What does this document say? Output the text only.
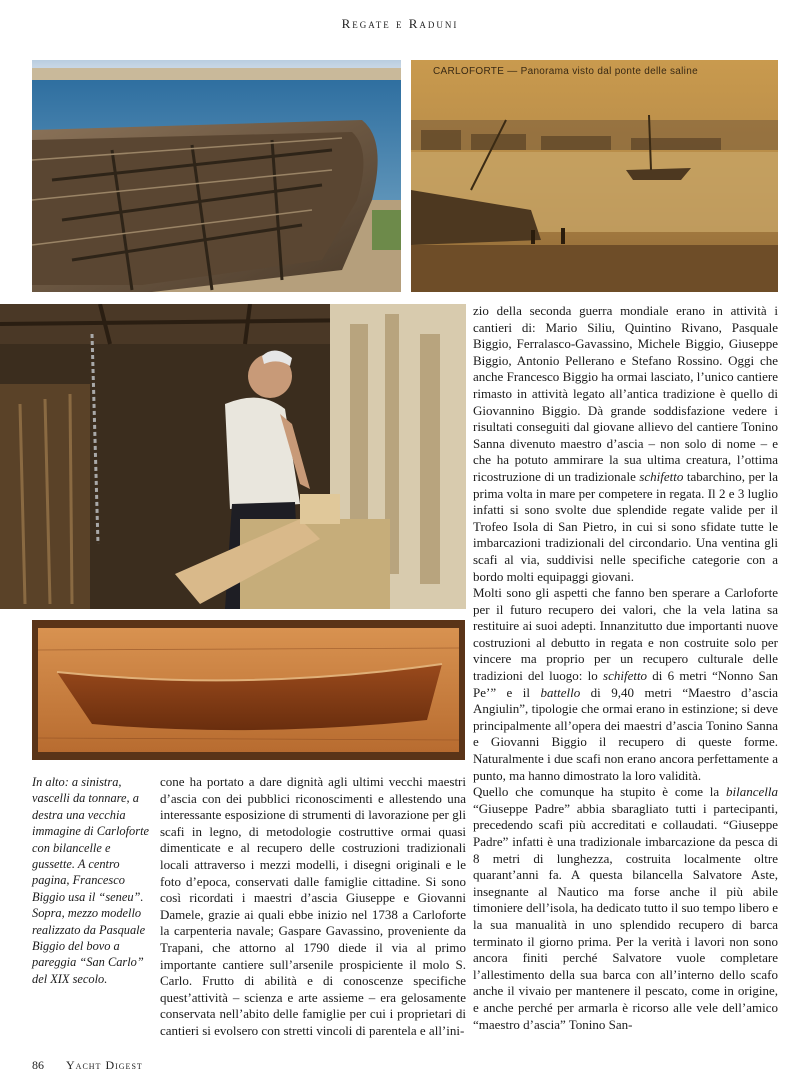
Regate e Raduni
CARLOFORTE — Panorama visto dal ponte delle saline

In alto: a sinistra, vascelli da tonnare, a destra una vecchia immagine di Carloforte con bilancelle e gussette. A centro pagina, Francesco Biggio usa il “seneu”. Sopra, mezzo modello realizzato da Pasquale Biggio del bovo a pareggia “San Carlo” del XIX secolo.

cone ha portato a dare dignità agli ultimi vecchi maestri d’ascia con dei pubblici riconoscimenti e allestendo una interessante esposizione di strumenti di lavorazione per gli scafi in legno, di metodologie costruttive ormai quasi dimenticate e al recupero delle costruzioni tradizionali locali attraverso i mezzi modelli, i disegni originali e le foto d’epoca, conservati dalle famiglie cittadine. Si sono così ricordati i maestri d’ascia Giuseppe e Giovanni Damele, grazie ai quali ebbe inizio nel 1738 a Carloforte la carpenteria navale; Gaspare Gavassino, proveniente da Trapani, che attorno al 1790 diede il via al primo importante cantiere sull’arsenile prospiciente il molo S. Carlo. Frutto di abilità e di conoscenze specifiche quest’attività – scienza e arte assieme – era gelosamente conservata nell’abito delle famiglie per cui i proprietari di cantieri si evolsero con stretti vincoli di parentela e all’ini-

zio della seconda guerra mondiale erano in attività i cantieri di: Mario Siliu, Quintino Rivano, Pasquale Biggio, Ferralasco-Gavassino, Michele Biggio, Giuseppe Biggio, Antonio Pellerano e Stefano Rossino. Oggi che anche Francesco Biggio ha ormai lasciato, l’unico cantiere rimasto in attività legato all’antica tradizione è quello di Giovannino Biggio. Dà grande soddisfazione vedere i risultati conseguiti dal giovane allievo del cantiere Tonino Sanna divenuto maestro d’ascia – non solo di nome – e che ha potuto ammirare la sua ultima creatura, l’ottima ricostruzione di un tradizionale schifetto tabarchino, per la prima volta in mare per competere in regata. Il 2 e 3 luglio infatti si sono svolte due splendide regate valide per il Trofeo Isola di San Pietro, in cui si sono sfidate tutte le imbarcazioni tradizionali del circondario. Una ventina gli scafi al via, suddivisi nelle specifiche categorie con a bordo molti equipaggi giovani.

Molti sono gli aspetti che fanno ben sperare a Carloforte per il futuro recupero dei valori, che la vela latina sa restituire ai suoi adepti. Innanzitutto due importanti nuove costruzioni al debutto in regata e non costruite solo per vincere ma proprio per un recupero culturale delle tradizioni del luogo: lo schifetto di 6 metri “Nonno San Pe’” e il battello di 9,40 metri “Maestro d’ascia Angiulin”, tipologie che ormai erano in estinzione; si deve principalmente all’opera dei maestri d’ascia Tonino Sanna e Giovanni Biggio il recupero di queste forme. Naturalmente i due scafi non erano ancora perfettamente a punto, ma hanno dimostrato la loro validità.

Quello che comunque ha stupito è come la bilancella “Giuseppe Padre” abbia sbaragliato tutti i partecipanti, precedendo scafi più accreditati e collaudati. “Giuseppe Padre” infatti è una tradizionale imbarcazione da pesca di 8 metri di lunghezza, costruita localmente oltre quarant’anni fa. A questa bilancella Salvatore Aste, insegnante al Nautico ma forse anche il più abile timoniere dell’isola, ha dedicato tutto il suo tempo libero e la sua manualità in uno splendido recupero di barca terminato il giorno prima. Per la verità i lavori non sono ancora finiti perché Salvatore vuole completare l’allestimento della sua barca con all’interno dello scafo anche il vivaio per mantenere il pescato, come in origine, e anche perché per armarla è ricorso alle vele dell’amico “maestro d’ascia” Tonino San-

86 Yacht Digest
